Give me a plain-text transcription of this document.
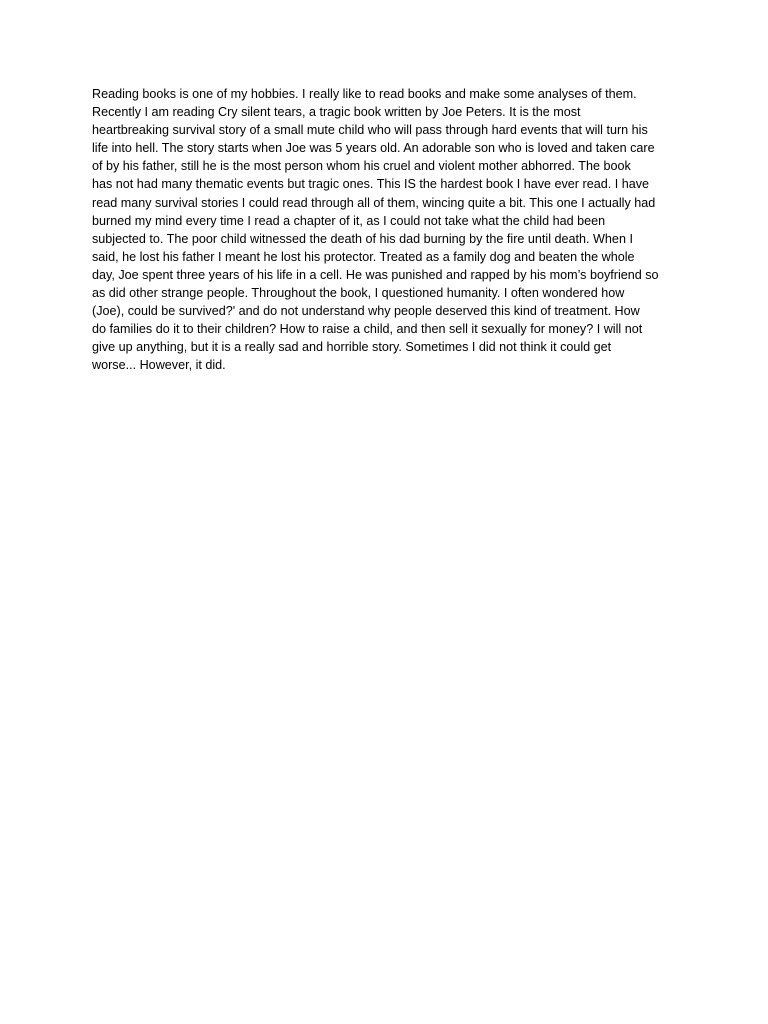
Reading books is one of my hobbies. I really like to read books and make some analyses of them.
Recently I am reading Cry silent tears, a tragic book written by Joe Peters. It is the most
heartbreaking survival story of a small mute child who will pass through hard events that will turn his
life into hell. The story starts when Joe was 5 years old. An adorable son who is loved and taken care
of by his father, still he is the most person whom his cruel and violent mother abhorred. The book
has not had many thematic events but tragic ones. This IS the hardest book I have ever read. I have
read many survival stories I could read through all of them, wincing quite a bit. This one I actually had
burned my mind every time I read a chapter of it, as I could not take what the child had been
subjected to. The poor child witnessed the death of his dad burning by the fire until death. When I
said, he lost his father I meant he lost his protector. Treated as a family dog and beaten the whole
day, Joe spent three years of his life in a cell. He was punished and rapped by his mom’s boyfriend so
as did other strange people. Throughout the book, I questioned humanity. I often wondered how
(Joe), could be survived?' and do not understand why people deserved this kind of treatment. How
do families do it to their children? How to raise a child, and then sell it sexually for money? I will not
give up anything, but it is a really sad and horrible story. Sometimes I did not think it could get
worse... However, it did.
